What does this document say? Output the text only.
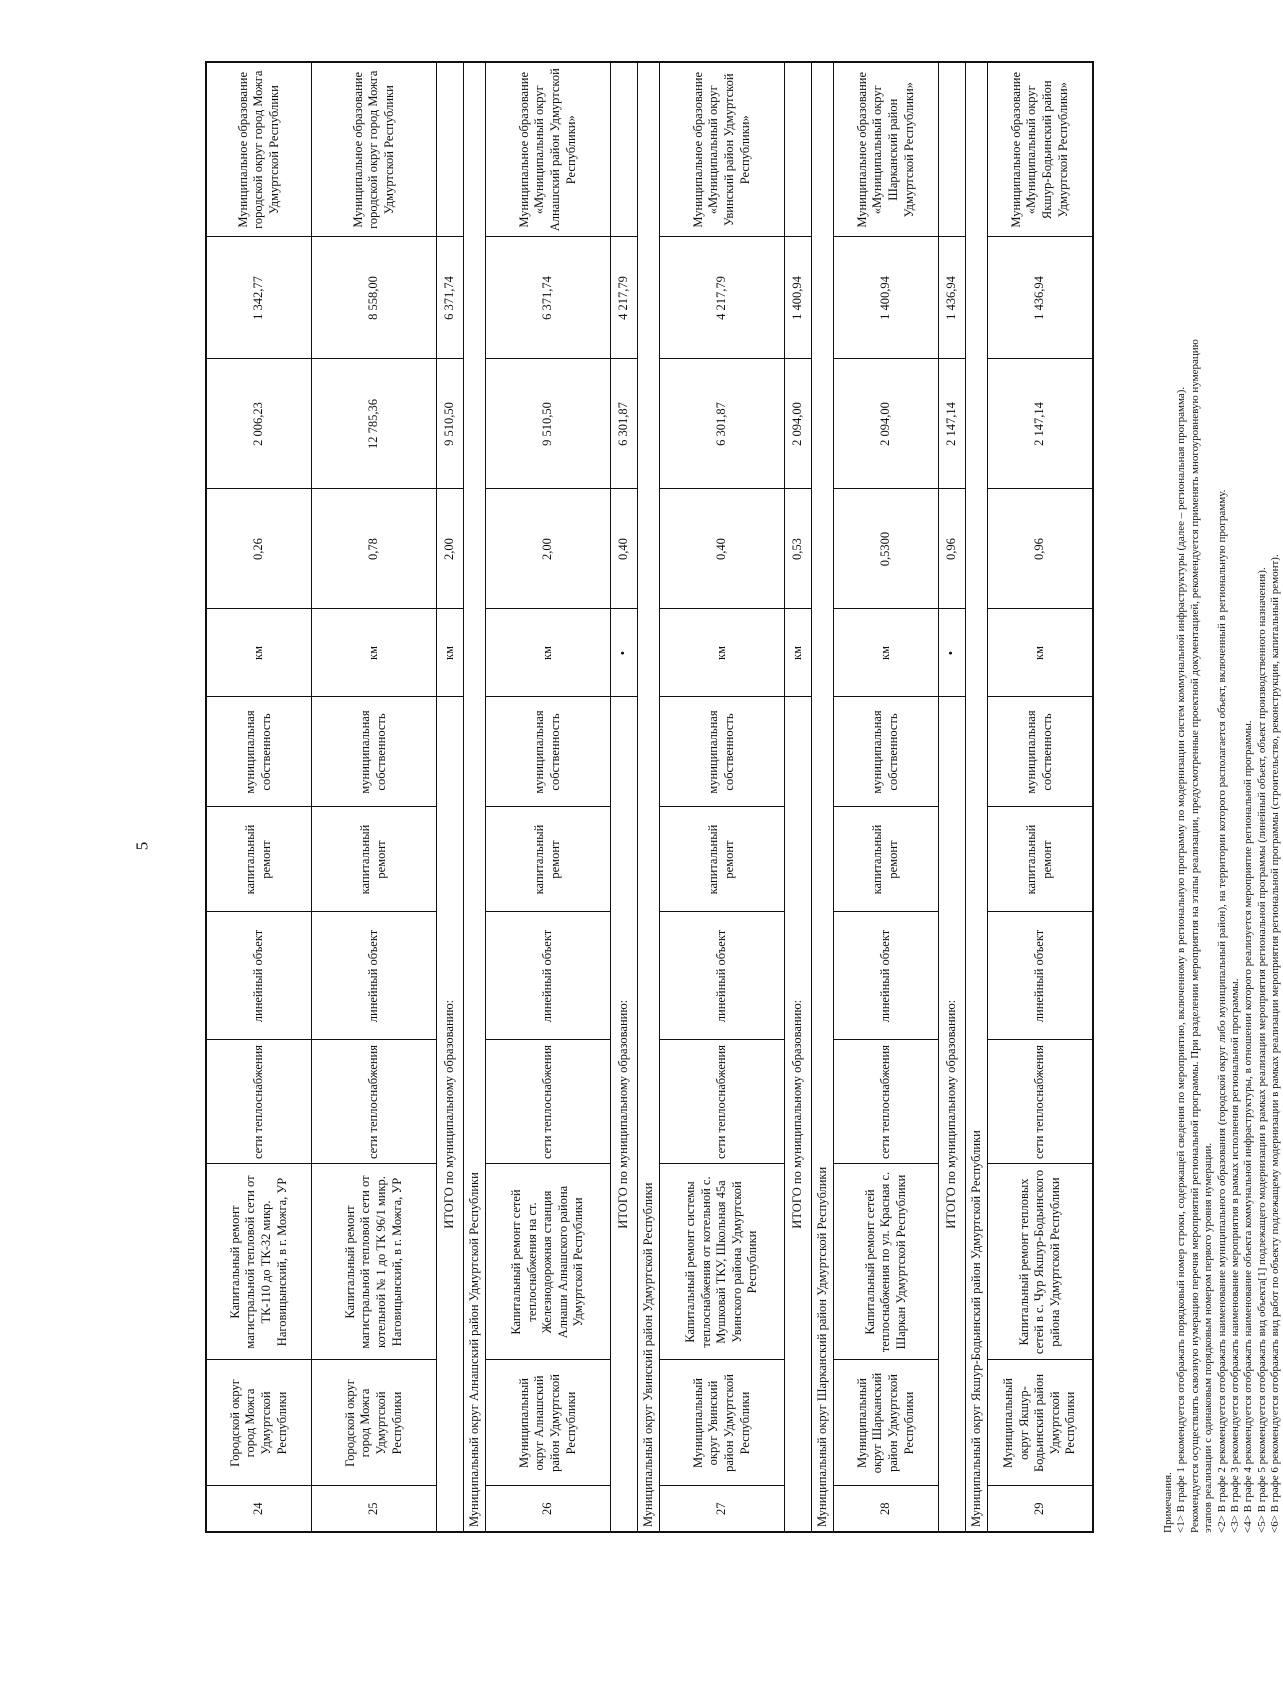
5
24	Городской округ город Можга Удмуртской Республики	Капитальный ремонт магистральной тепловой сети от ТК-110 до ТК-32 микр. Наговицынский, в г. Можга, УР	сети теплоснабжения	линейный объект	капитальный ремонт	муниципальная собственность	км	0,26	2 006,23	1 342,77	Муниципальное образование городской округ город Можга Удмуртской Республики
25	Городской округ город Можга Удмуртской Республики	Капитальный ремонт магистральной тепловой сети от котельной № 1 до ТК 96/1 микр. Наговицынский, в г. Можга, УР	сети теплоснабжения	линейный объект	капитальный ремонт	муниципальная собственность	км	0,78	12 785,36	8 558,00	Муниципальное образование городской округ город Можга Удмуртской Республики
ИТОГО по муниципальному образованию:							км	2,00	9 510,50	6 371,74	
Муниципальный округ Алнашский район Удмуртской Республики											
26	Муниципальный округ Алнашский район Удмуртской Республики	Капитальный ремонт сетей теплоснабжения на ст. Железнодорожная станция Алнаши Алнашского района Удмуртской Республики	сети теплоснабжения	линейный объект	капитальный ремонт	муниципальная собственность	км	2,00	9 510,50	6 371,74	Муниципальное образование «Муниципальный округ Алнашский район Удмуртской Республики»
ИТОГО по муниципальному образованию:							•	0,40	6 301,87	4 217,79	
Муниципальный округ Увинский район Удмуртской Республики											
27	Муниципальный округ Увинский район Удмуртской Республики	Капитальный ремонт системы теплоснабжения от котельной с. Мушковай ТКУ, Школьная 45а Увинского района Удмуртской Республики	сети теплоснабжения	линейный объект	капитальный ремонт	муниципальная собственность	км	0,40	6 301,87	4 217,79	Муниципальное образование «Муниципальный округ Увинский район Удмуртской Республики»
ИТОГО по муниципальному образованию:							км	0,53	2 094,00	1 400,94	
Муниципальный округ Шарканский район Удмуртской Республики											
28	Муниципальный округ Шарканский район Удмуртской Республики	Капитальный ремонт сетей теплоснабжения по ул. Красная с. Шаркан Удмуртской Республики	сети теплоснабжения	линейный объект	капитальный ремонт	муниципальная собственность	км	0,5300	2 094,00	1 400,94	Муниципальное образование «Муниципальный округ Шарканский район Удмуртской Республики»
ИТОГО по муниципальному образованию:							•	0,96	2 147,14	1 436,94	
Муниципальный округ Якшур-Бодьинский район Удмуртской Республики											
29	Муниципальный округ Якшур-Бодьинский район Удмуртской Республики	Капитальный ремонт тепловых сетей в с. Чур Якшур-Бодьинского района Удмуртской Республики	сети теплоснабжения	линейный объект	капитальный ремонт	муниципальная собственность	км	0,96	2 147,14	1 436,94	Муниципальное образование «Муниципальный округ Якшур-Бодьинский район Удмуртской Республики»
Примечания. <1> В графе 1 рекомендуется отображать порядковый номер строки, содержащей сведения по мероприятию, включенному в региональную программу по модернизации систем коммунальной инфраструктуры (далее – региональная программа). Рекомендуется осуществлять сквозную нумерацию перечня мероприятий региональной программы. При разделении мероприятия на этапы реализации, предусмотренные проектной документацией, рекомендуется применять многоуровневую нумерацию этапов реализации с одинаковым порядковым номером первого уровня нумерации. <2> В графе 2 рекомендуется отображать наименование муниципального образования (городской округ либо муниципальный район), на территории которого располагается объект, включенный в региональную программу. <3> В графе 3 рекомендуется отображать наименование мероприятия в рамках исполнения региональной программы. <4> В графе 4 рекомендуется отображать наименование объекта коммунальной инфраструктуры, в отношении которого реализуется мероприятие региональной программы. <5> В графе 5 рекомендуется отображать вид объекта[1] подлежащего модернизации в рамках реализации мероприятия региональной программы (линейный объект, объект производственного назначения). <6> В графе 6 рекомендуется отображать вид работ по объекту подлежащему модернизации в рамках реализации мероприятия региональной программы (строительство, реконструкция, капитальный ремонт).
